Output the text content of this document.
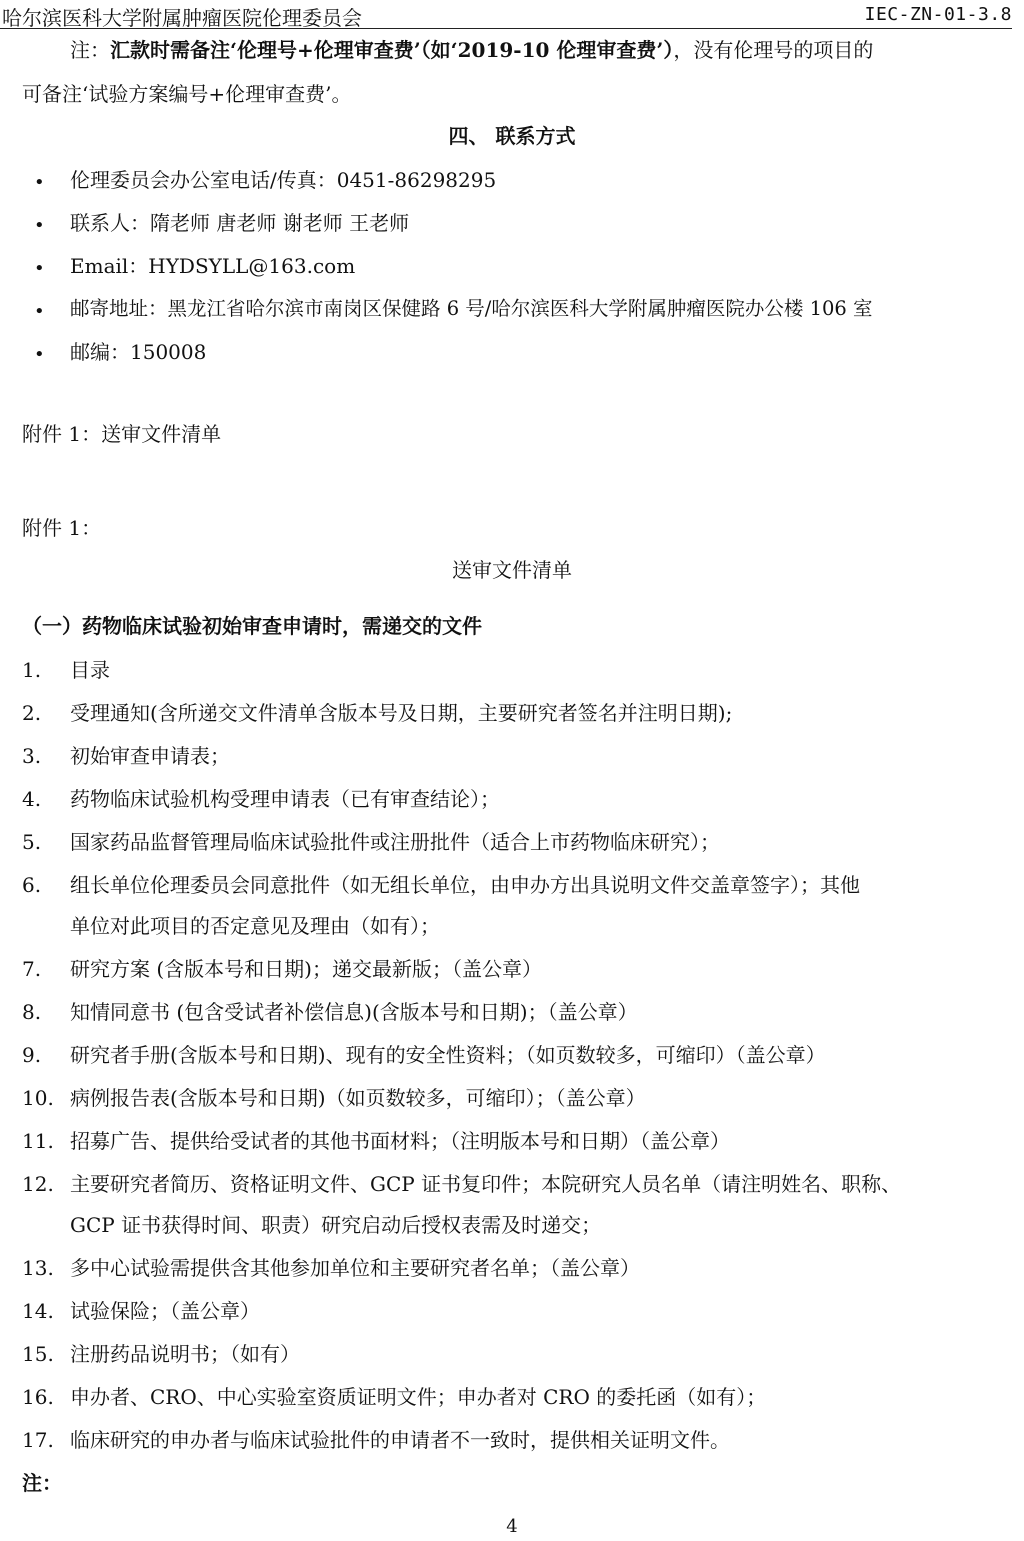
哈尔滨医科大学附属肿瘤医院伦理委员会	IEC-ZN-01-3.8
注：汇款时需备注‘伦理号+伦理审查费’（如‘2019-10 伦理审查费’），没有伦理号的项目的
可备注‘试验方案编号+伦理审查费’。
四、 联系方式
•
伦理委员会办公室电话/传真：0451-86298295
•
联系人：隋老师 唐老师 谢老师 王老师
•
Email：HYDSYLL@163.com
•
邮寄地址：黑龙江省哈尔滨市南岗区保健路 6 号/哈尔滨医科大学附属肿瘤医院办公楼 106 室
•
邮编：150008
附件 1：送审文件清单
附件 1：
送审文件清单
（一）药物临床试验初始审查申请时，需递交的文件
1. 目录
2. 受理通知(含所递交文件清单含版本号及日期，主要研究者签名并注明日期);
3. 初始审查申请表；
4. 药物临床试验机构受理申请表（已有审查结论）；
5. 国家药品监督管理局临床试验批件或注册批件（适合上市药物临床研究）；
6. 组长单位伦理委员会同意批件（如无组长单位，由申办方出具说明文件交盖章签字）；其他
单位对此项目的否定意见及理由（如有）；
7. 研究方案 (含版本号和日期)；递交最新版；（盖公章）
8. 知情同意书 (包含受试者补偿信息)(含版本号和日期)；（盖公章）
9. 研究者手册(含版本号和日期)、现有的安全性资料；（如页数较多，可缩印）（盖公章）
10. 病例报告表(含版本号和日期)（如页数较多，可缩印）；（盖公章）
11. 招募广告、提供给受试者的其他书面材料；（注明版本号和日期）（盖公章）
12. 主要研究者简历、资格证明文件、GCP 证书复印件；本院研究人员名单（请注明姓名、职称、
GCP 证书获得时间、职责）研究启动后授权表需及时递交；
13. 多中心试验需提供含其他参加单位和主要研究者名单；（盖公章）
14. 试验保险；（盖公章）
15. 注册药品说明书；（如有）
16. 申办者、CRO、中心实验室资质证明文件；申办者对 CRO 的委托函（如有）；
17. 临床研究的申办者与临床试验批件的申请者不一致时，提供相关证明文件。
注：
4
